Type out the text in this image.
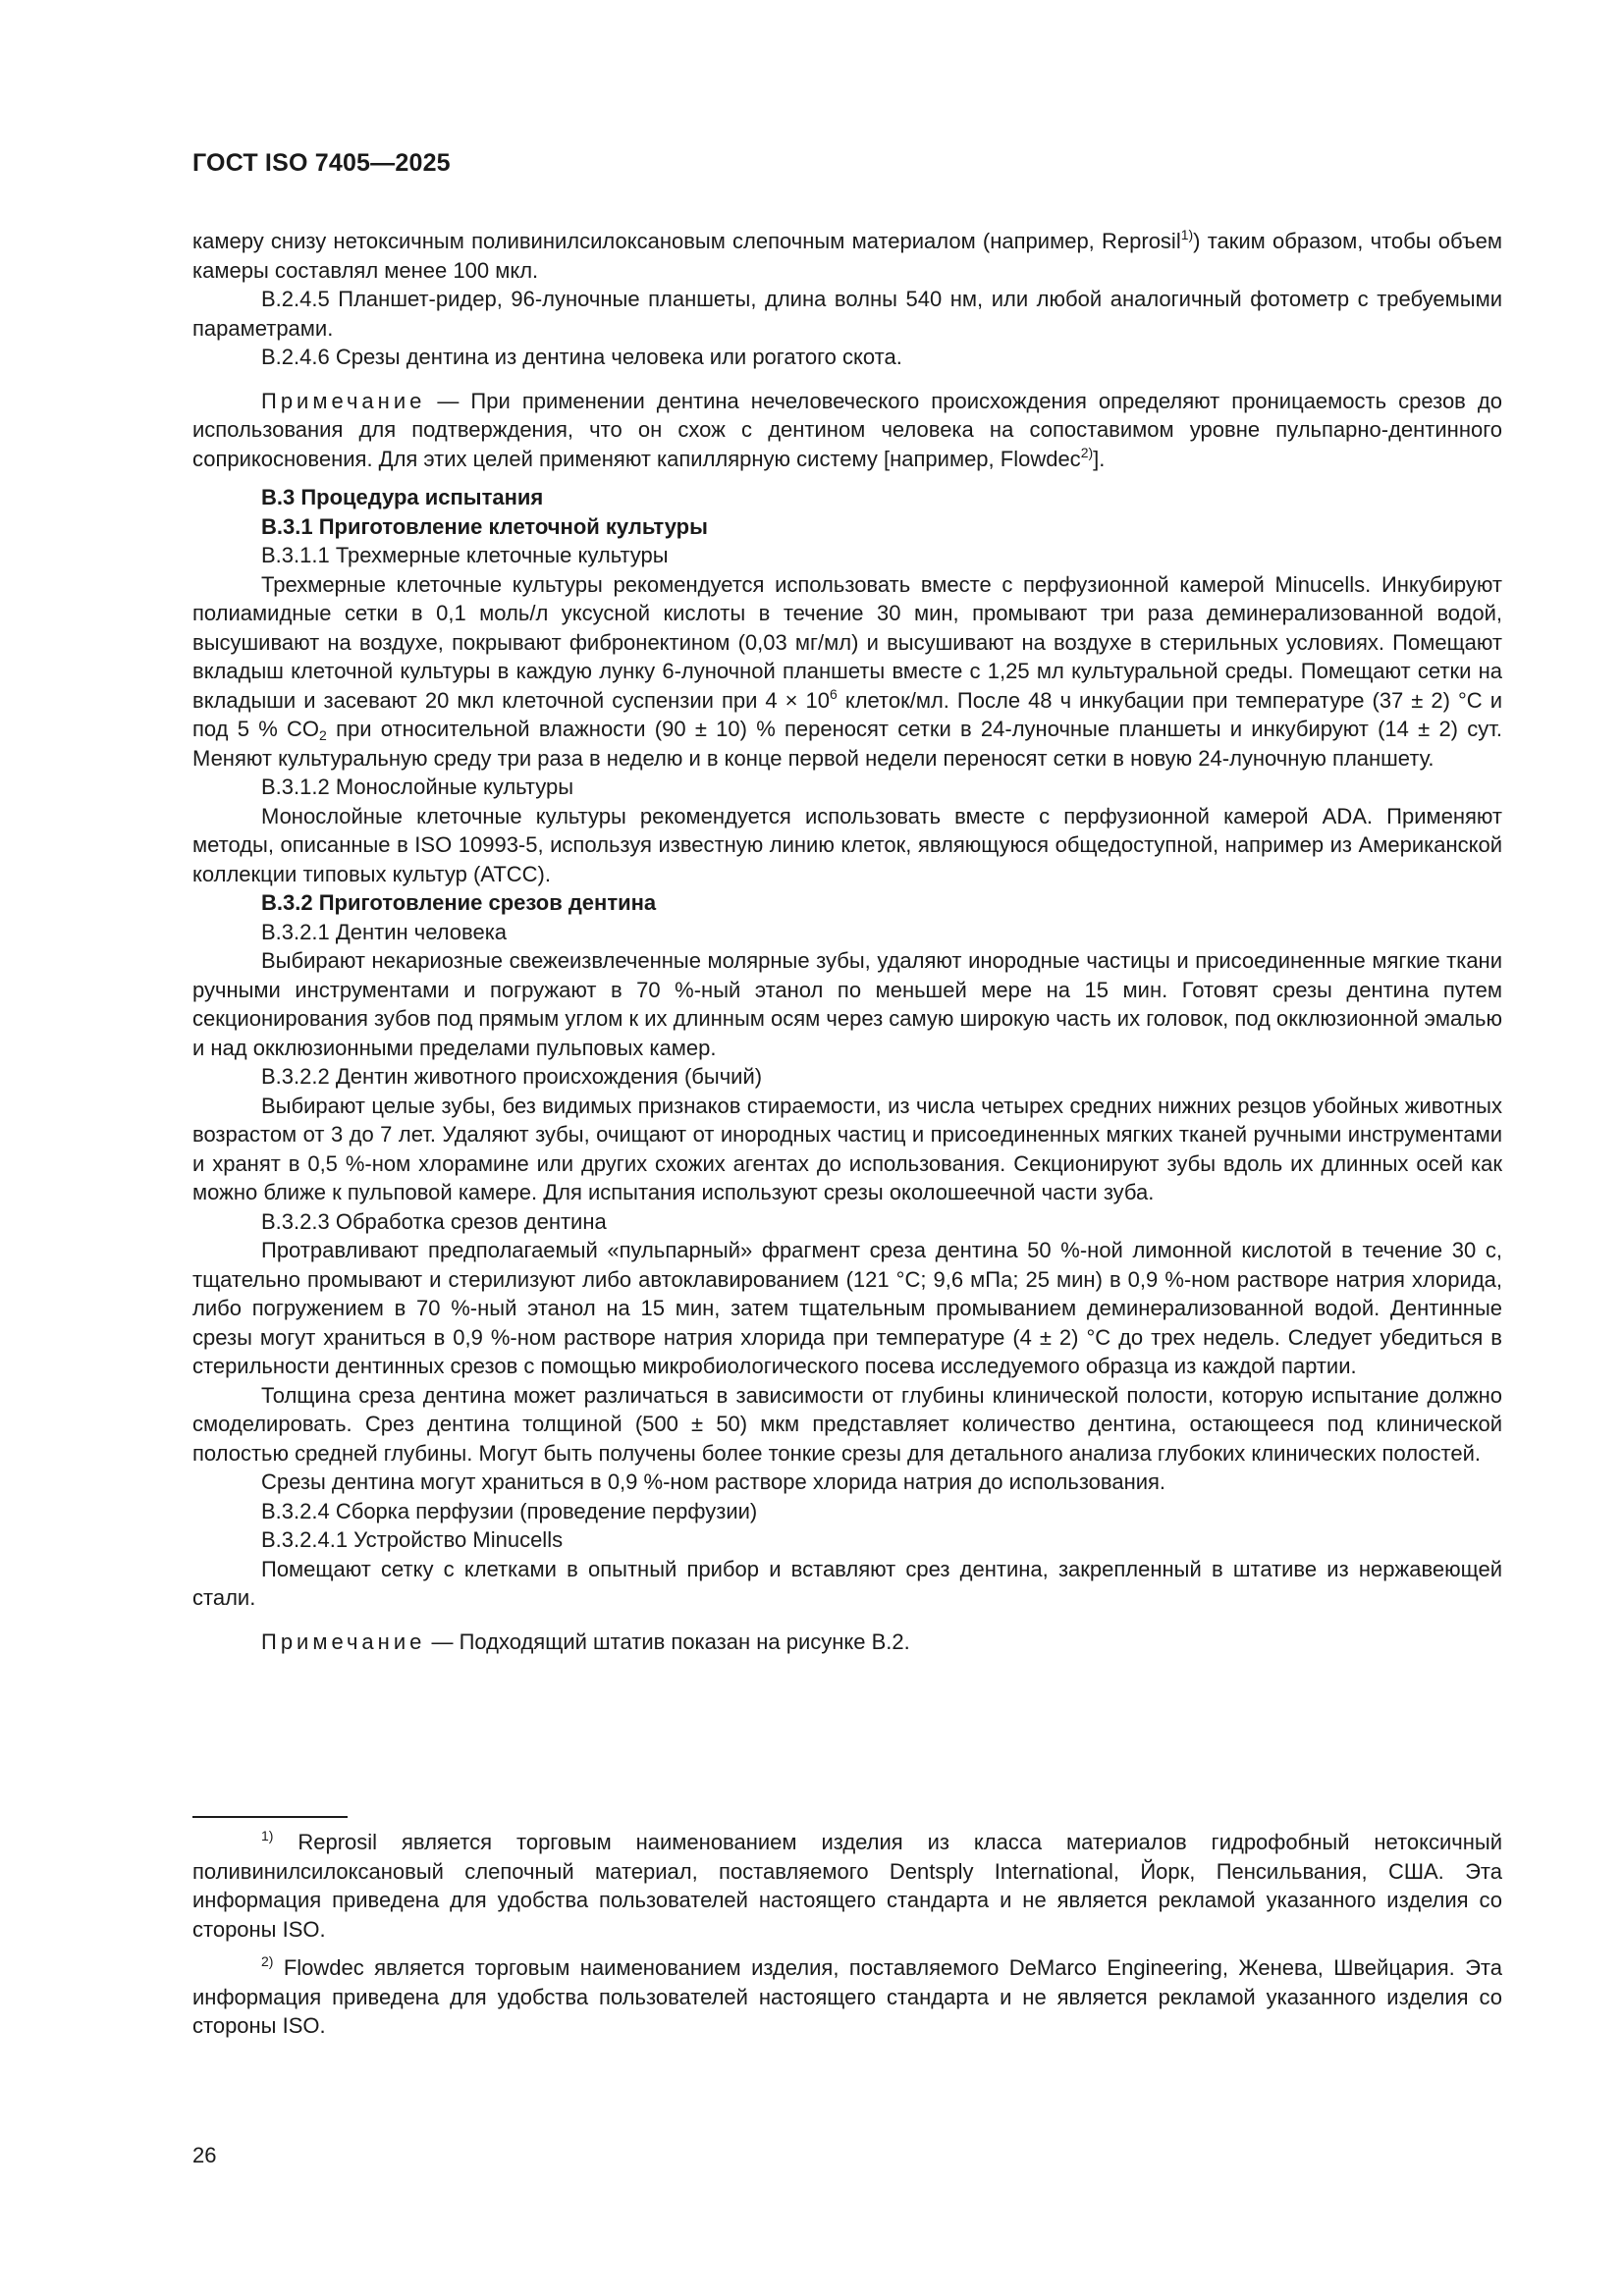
ГОСТ ISO 7405—2025

камеру снизу нетоксичным поливинилсилоксановым слепочным материалом (например, Reprosil$^{1)}$) таким образом, чтобы объем камеры составлял менее 100 мкл.

B.2.4.5 Планшет-ридер, 96-луночные планшеты, длина волны 540 нм, или любой аналогичный фотометр с требуемыми параметрами.

B.2.4.6 Срезы дентина из дентина человека или рогатого скота.

Примечание — При применении дентина нечеловеческого происхождения определяют проницаемость срезов до использования для подтверждения, что он схож с дентином человека на сопоставимом уровне пульпарно-дентинного соприкосновения. Для этих целей применяют капиллярную систему [например, Flowdec$^{2)}$].

B.3 Процедура испытания

B.3.1 Приготовление клеточной культуры

B.3.1.1 Трехмерные клеточные культуры

Трехмерные клеточные культуры рекомендуется использовать вместе с перфузионной камерой Minucells. Инкубируют полиамидные сетки в 0,1 моль/л уксусной кислоты в течение 30 мин, промывают три раза деминерализованной водой, высушивают на воздухе, покрывают фибронектином (0,03 мг/мл) и высушивают на воздухе в стерильных условиях. Помещают вкладыш клеточной культуры в каждую лунку 6-луночной планшеты вместе с 1,25 мл культуральной среды. Помещают сетки на вкладыши и засевают 20 мкл клеточной суспензии при $4 \times 10^6$ клеток/мл. После 48 ч инкубации при температуре (37 ± 2) °С и под 5 % $CO_2$ при относительной влажности (90 ± 10) % переносят сетки в 24-луночные планшеты и инкубируют (14 ± 2) сут. Меняют культуральную среду три раза в неделю и в конце первой недели переносят сетки в новую 24-луночную планшету.

B.3.1.2 Монослойные культуры

Монослойные клеточные культуры рекомендуется использовать вместе с перфузионной камерой ADA. Применяют методы, описанные в ISO 10993-5, используя известную линию клеток, являющуюся общедоступной, например из Американской коллекции типовых культур (ATCC).

B.3.2 Приготовление срезов дентина

B.3.2.1 Дентин человека

Выбирают некариозные свежеизвлеченные молярные зубы, удаляют инородные частицы и присоединенные мягкие ткани ручными инструментами и погружают в 70 %-ный этанол по меньшей мере на 15 мин. Готовят срезы дентина путем секционирования зубов под прямым углом к их длинным осям через самую широкую часть их головок, под окклюзионной эмалью и над окклюзионными пределами пульповых камер.

B.3.2.2 Дентин животного происхождения (бычий)

Выбирают целые зубы, без видимых признаков стираемости, из числа четырех средних нижних резцов убойных животных возрастом от 3 до 7 лет. Удаляют зубы, очищают от инородных частиц и присоединенных мягких тканей ручными инструментами и хранят в 0,5 %-ном хлорамине или других схожих агентах до использования. Секционируют зубы вдоль их длинных осей как можно ближе к пульповой камере. Для испытания используют срезы околошеечной части зуба.

B.3.2.3 Обработка срезов дентина

Протравливают предполагаемый «пульпарный» фрагмент среза дентина 50 %-ной лимонной кислотой в течение 30 с, тщательно промывают и стерилизуют либо автоклавированием (121 °С; 9,6 мПа; 25 мин) в 0,9 %-ном растворе натрия хлорида, либо погружением в 70 %-ный этанол на 15 мин, затем тщательным промыванием деминерализованной водой. Дентинные срезы могут храниться в 0,9 %-ном растворе натрия хлорида при температуре (4 ± 2) °С до трех недель. Следует убедиться в стерильности дентинных срезов с помощью микробиологического посева исследуемого образца из каждой партии.

Толщина среза дентина может различаться в зависимости от глубины клинической полости, которую испытание должно смоделировать. Срез дентина толщиной (500 ± 50) мкм представляет количество дентина, остающееся под клинической полостью средней глубины. Могут быть получены более тонкие срезы для детального анализа глубоких клинических полостей.

Срезы дентина могут храниться в 0,9 %-ном растворе хлорида натрия до использования.

B.3.2.4 Сборка перфузии (проведение перфузии)

B.3.2.4.1 Устройство Minucells

Помещают сетку с клетками в опытный прибор и вставляют срез дентина, закрепленный в штативе из нержавеющей стали.

Примечание — Подходящий штатив показан на рисунке B.2.

$^{1)}$ Reprosil является торговым наименованием изделия из класса материалов гидрофобный нетоксичный поливинилсилоксановый слепочный материал, поставляемого Dentsply International, Йорк, Пенсильвания, США. Эта информация приведена для удобства пользователей настоящего стандарта и не является рекламой указанного изделия со стороны ISO.

$^{2)}$ Flowdec является торговым наименованием изделия, поставляемого DeMarco Engineering, Женева, Швейцария. Эта информация приведена для удобства пользователей настоящего стандарта и не является рекламой указанного изделия со стороны ISO.

26
